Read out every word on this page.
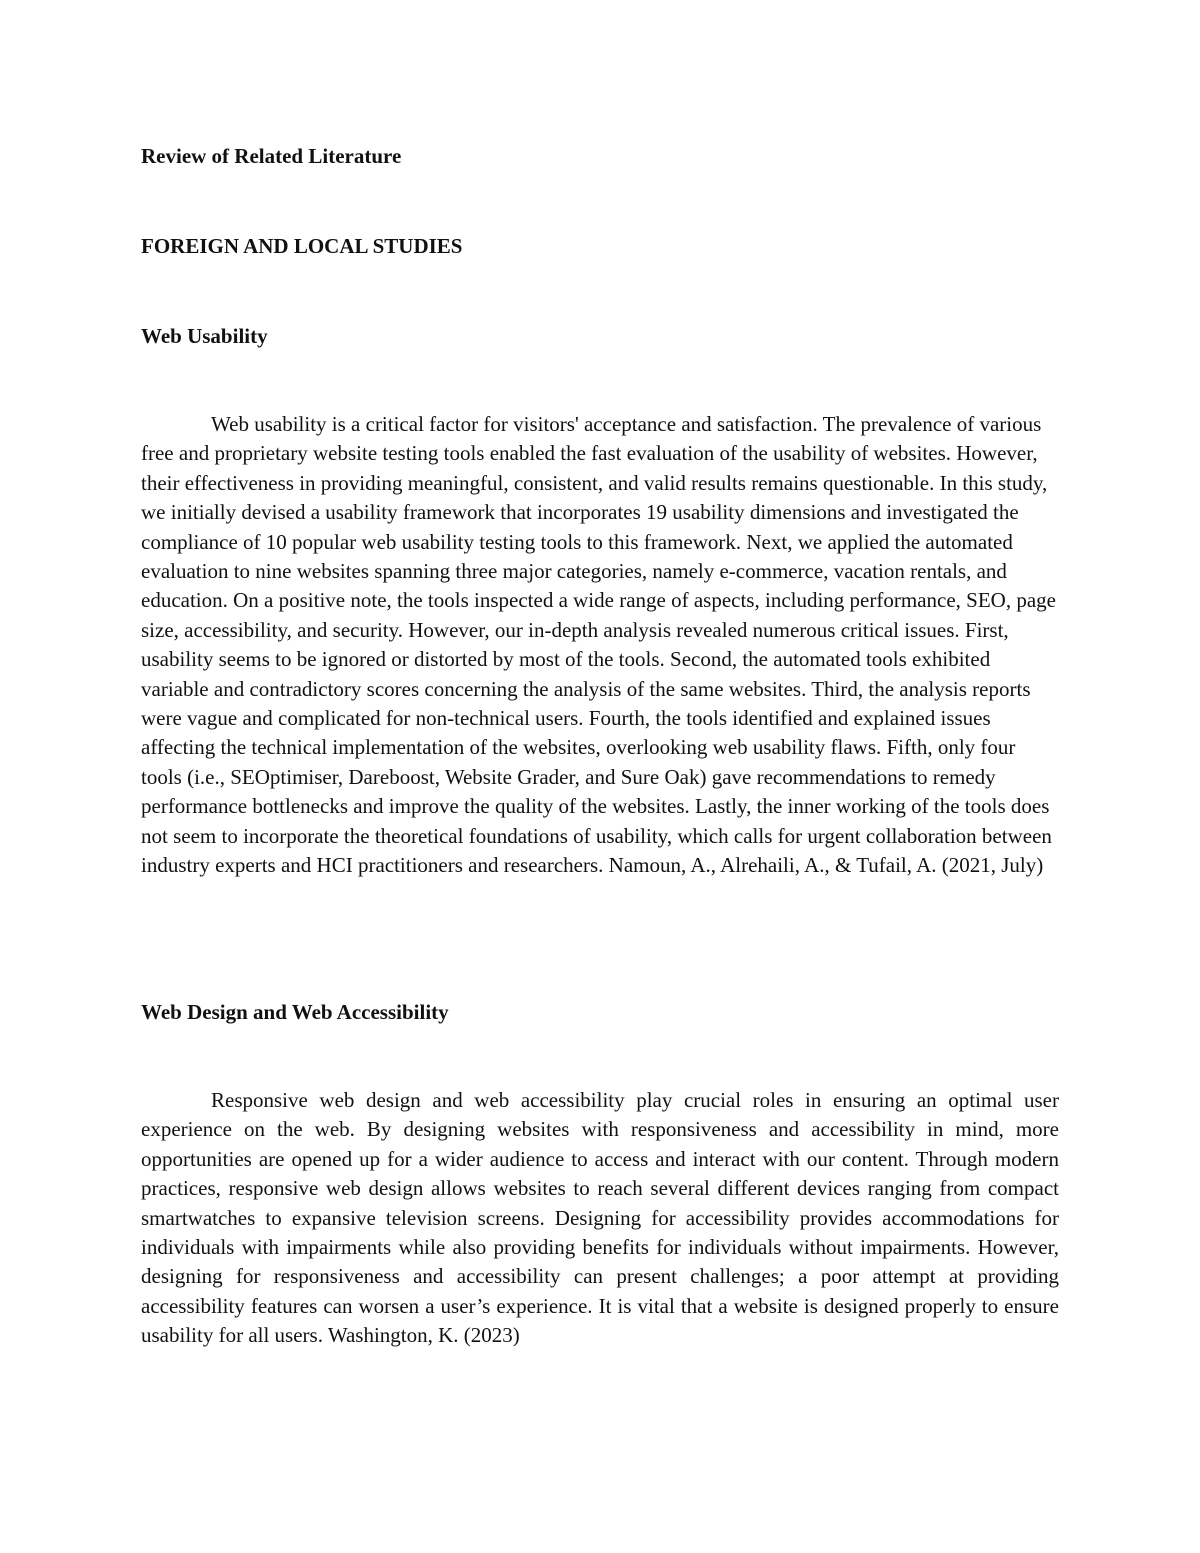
Review of Related Literature
FOREIGN AND LOCAL STUDIES
Web Usability

Web usability is a critical factor for visitors' acceptance and satisfaction. The prevalence of various free and proprietary website testing tools enabled the fast evaluation of the usability of websites. However, their effectiveness in providing meaningful, consistent, and valid results remains questionable. In this study, we initially devised a usability framework that incorporates 19 usability dimensions and investigated the compliance of 10 popular web usability testing tools to this framework. Next, we applied the automated evaluation to nine websites spanning three major categories, namely e-commerce, vacation rentals, and education. On a positive note, the tools inspected a wide range of aspects, including performance, SEO, page size, accessibility, and security. However, our in-depth analysis revealed numerous critical issues. First, usability seems to be ignored or distorted by most of the tools. Second, the automated tools exhibited variable and contradictory scores concerning the analysis of the same websites. Third, the analysis reports were vague and complicated for non-technical users. Fourth, the tools identified and explained issues affecting the technical implementation of the websites, overlooking web usability flaws. Fifth, only four tools (i.e., SEOptimiser, Dareboost, Website Grader, and Sure Oak) gave recommendations to remedy performance bottlenecks and improve the quality of the websites. Lastly, the inner working of the tools does not seem to incorporate the theoretical foundations of usability, which calls for urgent collaboration between industry experts and HCI practitioners and researchers. Namoun, A., Alrehaili, A., & Tufail, A. (2021, July)

Web Design and Web Accessibility

Responsive web design and web accessibility play crucial roles in ensuring an optimal user experience on the web. By designing websites with responsiveness and accessibility in mind, more opportunities are opened up for a wider audience to access and interact with our content. Through modern practices, responsive web design allows websites to reach several different devices ranging from compact smartwatches to expansive television screens. Designing for accessibility provides accommodations for individuals with impairments while also providing benefits for individuals without impairments. However, designing for responsiveness and accessibility can present challenges; a poor attempt at providing accessibility features can worsen a user’s experience. It is vital that a website is designed properly to ensure usability for all users. Washington, K. (2023)
